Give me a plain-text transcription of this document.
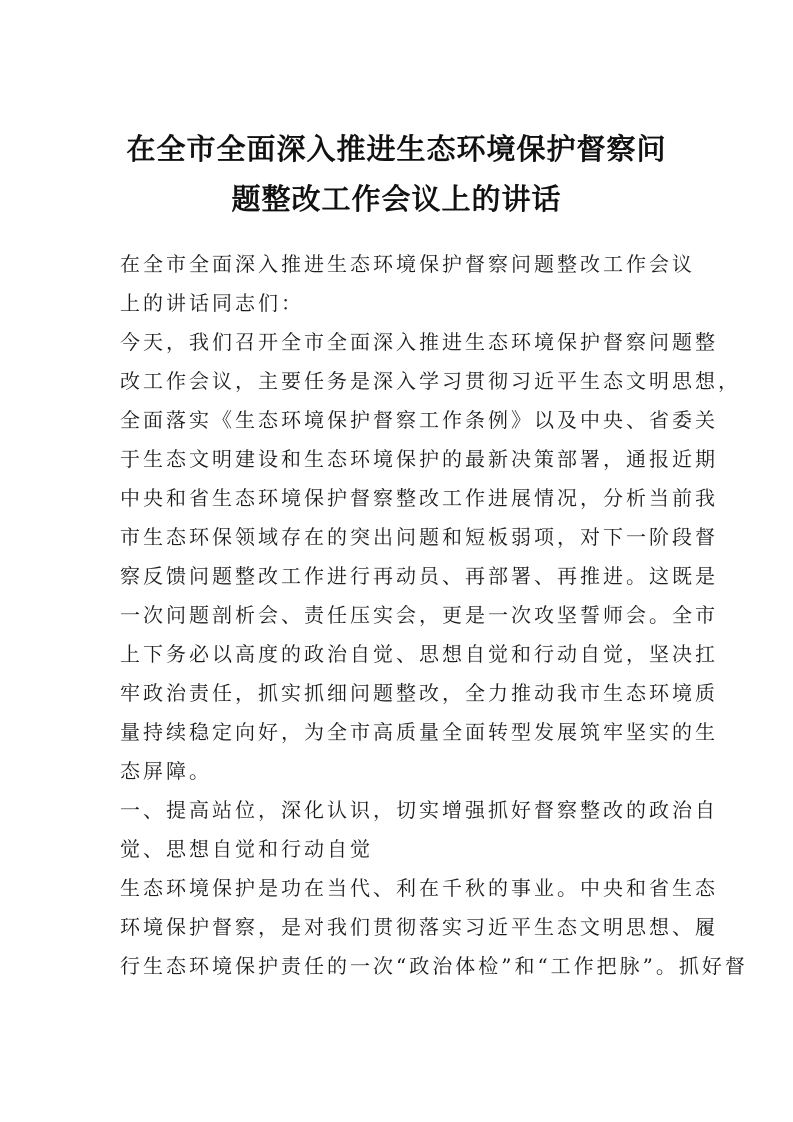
在全市全面深入推进生态环境保护督察问
题整改工作会议上的讲话
在全市全面深入推进生态环境保护督察问题整改工作会议
上的讲话同志们：
今天，我们召开全市全面深入推进生态环境保护督察问题整
改工作会议，主要任务是深入学习贯彻习近平生态文明思想，
全面落实《生态环境保护督察工作条例》以及中央、省委关
于生态文明建设和生态环境保护的最新决策部署，通报近期
中央和省生态环境保护督察整改工作进展情况，分析当前我
市生态环保领域存在的突出问题和短板弱项，对下一阶段督
察反馈问题整改工作进行再动员、再部署、再推进。这既是
一次问题剖析会、责任压实会，更是一次攻坚誓师会。全市
上下务必以高度的政治自觉、思想自觉和行动自觉，坚决扛
牢政治责任，抓实抓细问题整改，全力推动我市生态环境质
量持续稳定向好，为全市高质量全面转型发展筑牢坚实的生
态屏障。
一、提高站位，深化认识，切实增强抓好督察整改的政治自
觉、思想自觉和行动自觉
生态环境保护是功在当代、利在千秋的事业。中央和省生态
环境保护督察，是对我们贯彻落实习近平生态文明思想、履
行生态环境保护责任的一次“政治体检”和“工作把脉”。抓好督
